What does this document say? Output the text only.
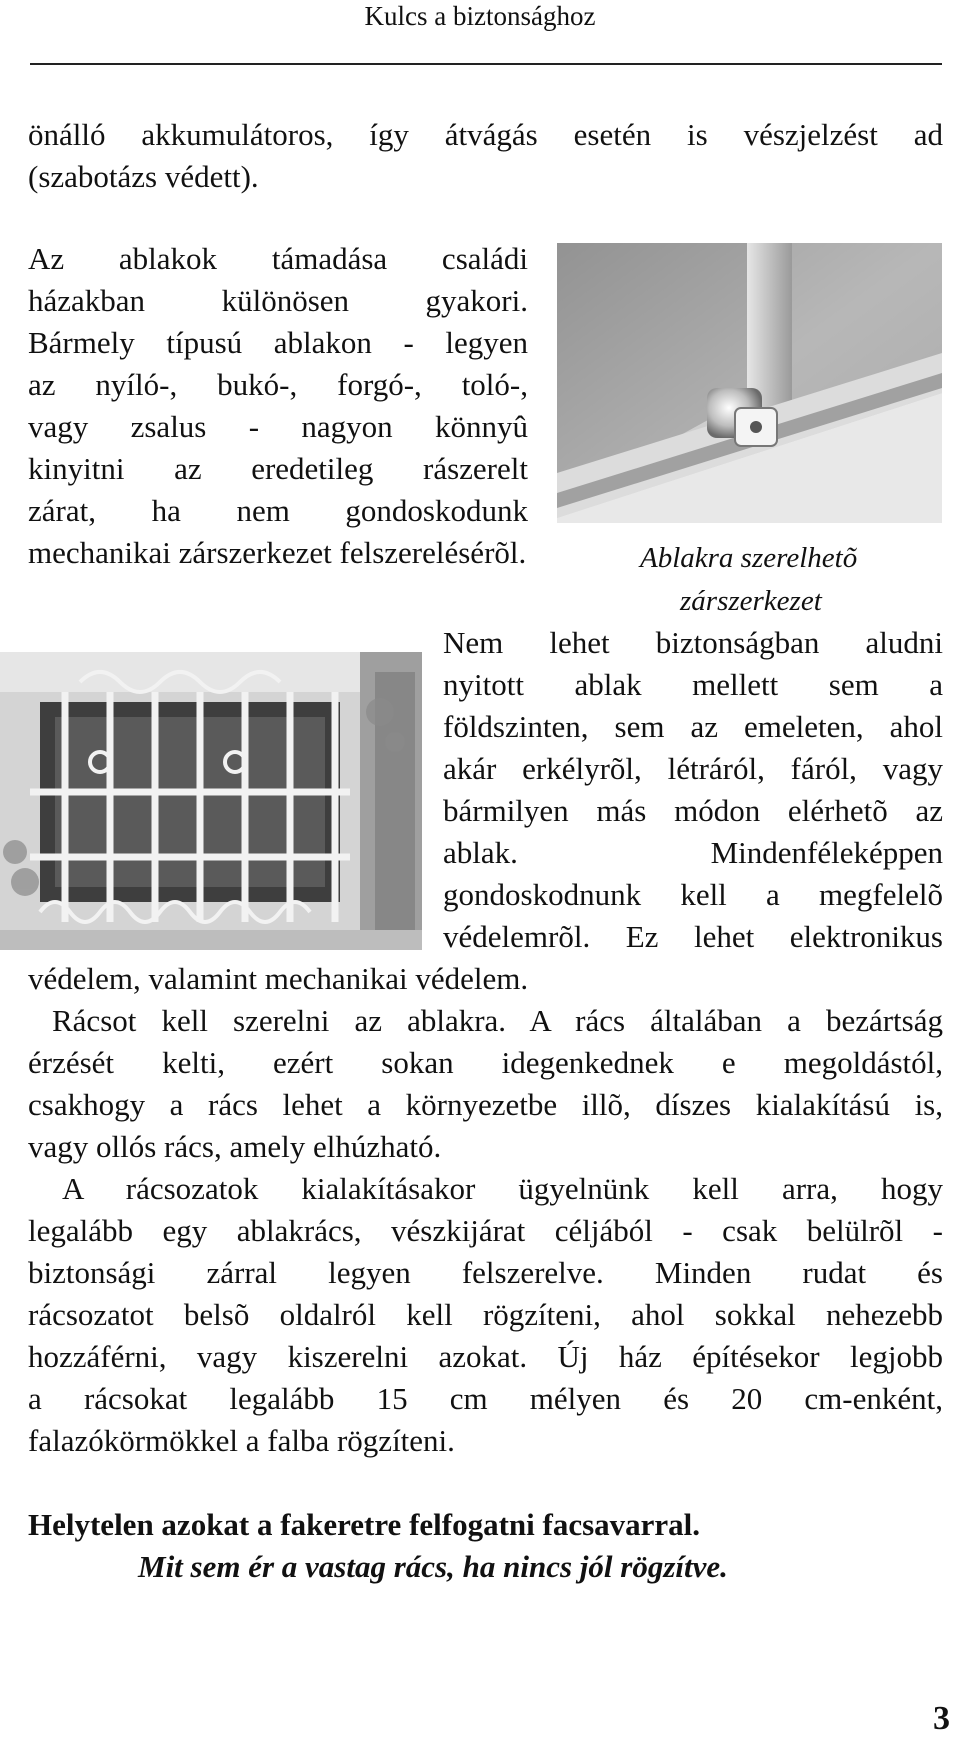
Kulcs a biztonsághoz
önálló akkumulátoros, így átvágás esetén is vészjelzést ad
(szabotázs védett).
Az ablakok támadása családi
házakban különösen gyakori.
Bármely típusú ablakon - legyen
az nyíló-, bukó-, forgó-, toló-,
vagy zsalus - nagyon könnyû
kinyitni az eredetileg rászerelt
zárat, ha nem gondoskodunk
mechanikai zárszerkezet felszerelésérõl.	Ablakra szerelhetõ
zárszerkezet
Nem lehet biztonságban aludni
nyitott ablak mellett sem a
földszinten, sem az emeleten, ahol
akár erkélyrõl, létráról, fáról, vagy
bármilyen más módon elérhetõ az
ablak. Mindenféleképpen
gondoskodnunk kell a megfelelõ
védelemrõl. Ez lehet elektronikus
védelem, valamint mechanikai védelem.
Rácsot kell szerelni az ablakra. A rács általában a bezártság
érzését kelti, ezért sokan idegenkednek e megoldástól,
csakhogy a rács lehet a környezetbe illõ, díszes kialakítású is,
vagy ollós rács, amely elhúzható.
A rácsozatok kialakításakor ügyelnünk kell arra, hogy
legalább egy ablakrács, vészkijárat céljából - csak belülrõl -
biztonsági zárral legyen felszerelve. Minden rudat és
rácsozatot belsõ oldalról kell rögzíteni, ahol sokkal nehezebb
hozzáférni, vagy kiszerelni azokat. Új ház építésekor legjobb
a rácsokat legalább 15 cm mélyen és 20 cm-enként,
falazókörmökkel a falba rögzíteni.
Helytelen azokat a fakeretre felfogatni facsavarral.
Mit sem ér a vastag rács, ha nincs jól rögzítve.
3
